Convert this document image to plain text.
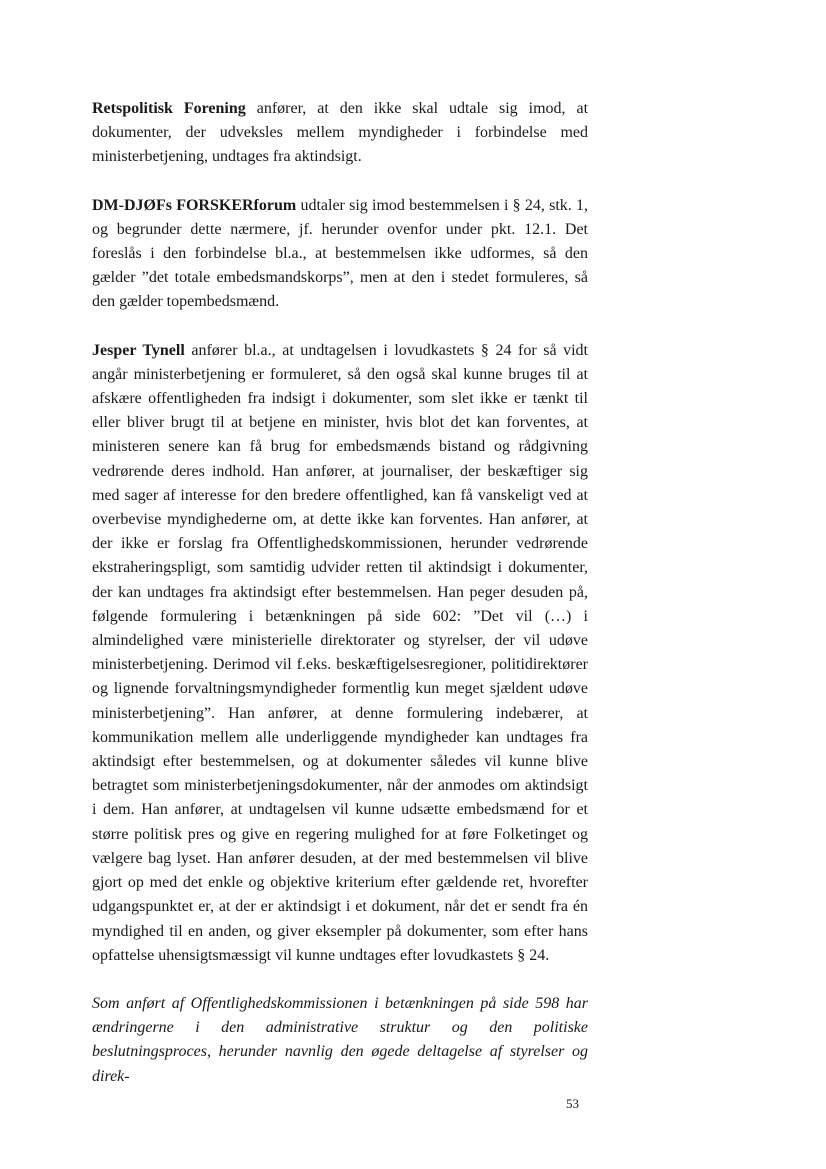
Retspolitisk Forening anfører, at den ikke skal udtale sig imod, at dokumenter, der udveksles mellem myndigheder i forbindelse med ministerbetjening, undtages fra aktindsigt.

DM-DJØFs FORSKERforum udtaler sig imod bestemmelsen i § 24, stk. 1, og begrunder dette nærmere, jf. herunder ovenfor under pkt. 12.1. Det foreslås i den forbindelse bl.a., at bestemmelsen ikke udformes, så den gælder ”det totale embedsmandskorps”, men at den i stedet formuleres, så den gælder topembedsmænd.

Jesper Tynell anfører bl.a., at undtagelsen i lovudkastets § 24 for så vidt angår ministerbetjening er formuleret, så den også skal kunne bruges til at afskære offentligheden fra indsigt i dokumenter, som slet ikke er tænkt til eller bliver brugt til at betjene en minister, hvis blot det kan forventes, at ministeren senere kan få brug for embedsmænds bistand og rådgivning vedrørende deres indhold. Han anfører, at journaliser, der beskæftiger sig med sager af interesse for den bredere offentlighed, kan få vanskeligt ved at overbevise myndighederne om, at dette ikke kan forventes. Han anfører, at der ikke er forslag fra Offentlighedskommissionen, herunder vedrørende ekstraheringspligt, som samtidig udvider retten til aktindsigt i dokumenter, der kan undtages fra aktindsigt efter bestemmelsen. Han peger desuden på, følgende formulering i betænkningen på side 602: ”Det vil (…) i almindelighed være ministerielle direktorater og styrelser, der vil udøve ministerbetjening. Derimod vil f.eks. beskæftigelsesregioner, politidirektører og lignende forvaltningsmyndigheder formentlig kun meget sjældent udøve ministerbetjening”. Han anfører, at denne formulering indebærer, at kommunikation mellem alle underliggende myndigheder kan undtages fra aktindsigt efter bestemmelsen, og at dokumenter således vil kunne blive betragtet som ministerbetjeningsdokumenter, når der anmodes om aktindsigt i dem. Han anfører, at undtagelsen vil kunne udsætte embedsmænd for et større politisk pres og give en regering mulighed for at føre Folketinget og vælgere bag lyset. Han anfører desuden, at der med bestemmelsen vil blive gjort op med det enkle og objektive kriterium efter gældende ret, hvorefter udgangspunktet er, at der er aktindsigt i et dokument, når det er sendt fra én myndighed til en anden, og giver eksempler på dokumenter, som efter hans opfattelse uhensigtsmæssigt vil kunne undtages efter lovudkastets § 24.

Som anført af Offentlighedskommissionen i betænkningen på side 598 har ændringerne i den administrative struktur og den politiske beslutningsproces, herunder navnlig den øgede deltagelse af styrelser og direk-

53
